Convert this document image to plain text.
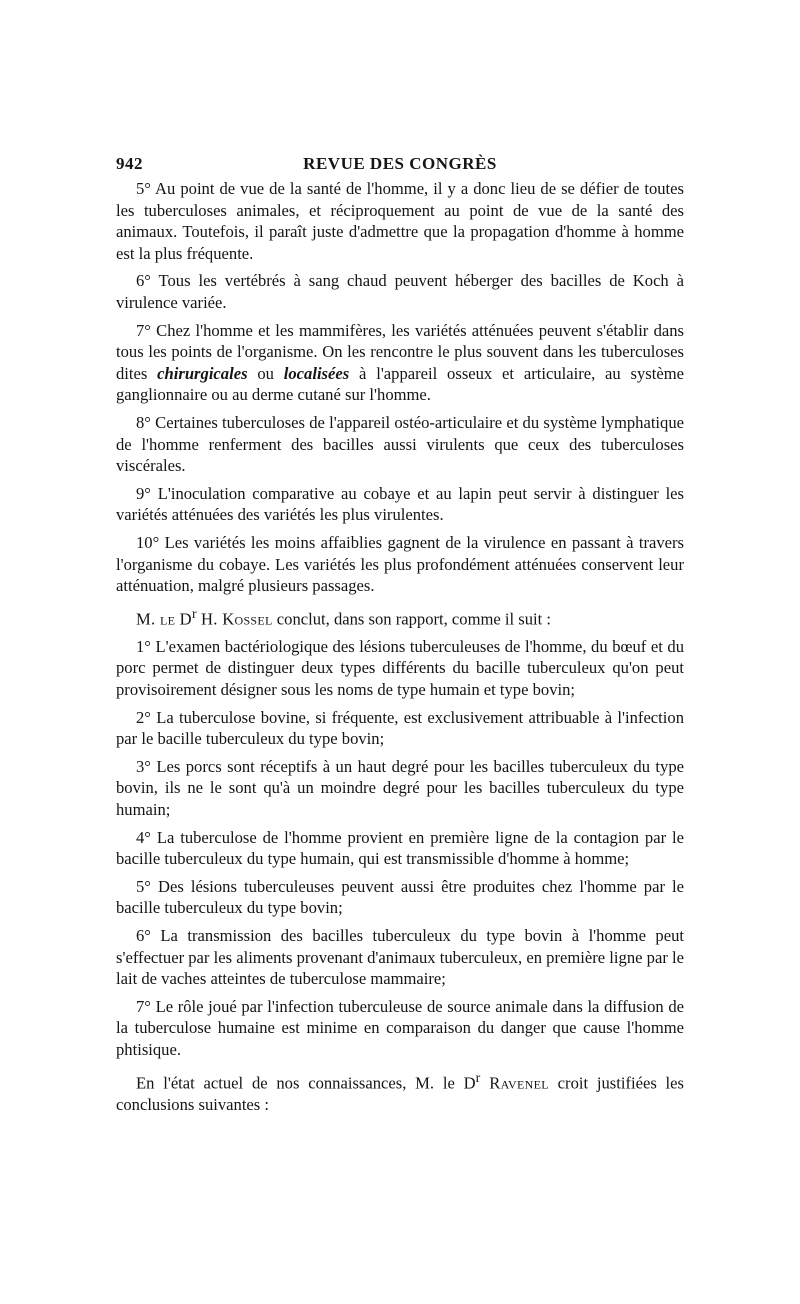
942	REVUE DES CONGRÈS

5° Au point de vue de la santé de l'homme, il y a donc lieu de se défier de toutes les tuberculoses animales, et réciproquement au point de vue de la santé des animaux. Toutefois, il paraît juste d'admettre que la propagation d'homme à homme est la plus fréquente.

6° Tous les vertébrés à sang chaud peuvent héberger des bacilles de Koch à virulence variée.

7° Chez l'homme et les mammifères, les variétés atténuées peuvent s'établir dans tous les points de l'organisme. On les rencontre le plus souvent dans les tuberculoses dites chirurgicales ou localisées à l'appareil osseux et articulaire, au système ganglionnaire ou au derme cutané sur l'homme.

8° Certaines tuberculoses de l'appareil ostéo-articulaire et du système lymphatique de l'homme renferment des bacilles aussi virulents que ceux des tuberculoses viscérales.

9° L'inoculation comparative au cobaye et au lapin peut servir à distinguer les variétés atténuées des variétés les plus virulentes.

10° Les variétés les moins affaiblies gagnent de la virulence en passant à travers l'organisme du cobaye. Les variétés les plus profondément atténuées conservent leur atténuation, malgré plusieurs passages.

M. le $D^r$ H. Kossel conclut, dans son rapport, comme il suit :

1° L'examen bactériologique des lésions tuberculeuses de l'homme, du bœuf et du porc permet de distinguer deux types différents du bacille tuberculeux qu'on peut provisoirement désigner sous les noms de type humain et type bovin;

2° La tuberculose bovine, si fréquente, est exclusivement attribuable à l'infection par le bacille tuberculeux du type bovin;

3° Les porcs sont réceptifs à un haut degré pour les bacilles tuberculeux du type bovin, ils ne le sont qu'à un moindre degré pour les bacilles tuberculeux du type humain;

4° La tuberculose de l'homme provient en première ligne de la contagion par le bacille tuberculeux du type humain, qui est transmissible d'homme à homme;

5° Des lésions tuberculeuses peuvent aussi être produites chez l'homme par le bacille tuberculeux du type bovin;

6° La transmission des bacilles tuberculeux du type bovin à l'homme peut s'effectuer par les aliments provenant d'animaux tuberculeux, en première ligne par le lait de vaches atteintes de tuberculose mammaire;

7° Le rôle joué par l'infection tuberculeuse de source animale dans la diffusion de la tuberculose humaine est minime en comparaison du danger que cause l'homme phtisique.

En l'état actuel de nos connaissances, M. le $D^r$ Ravenel croit justifiées les conclusions suivantes :
